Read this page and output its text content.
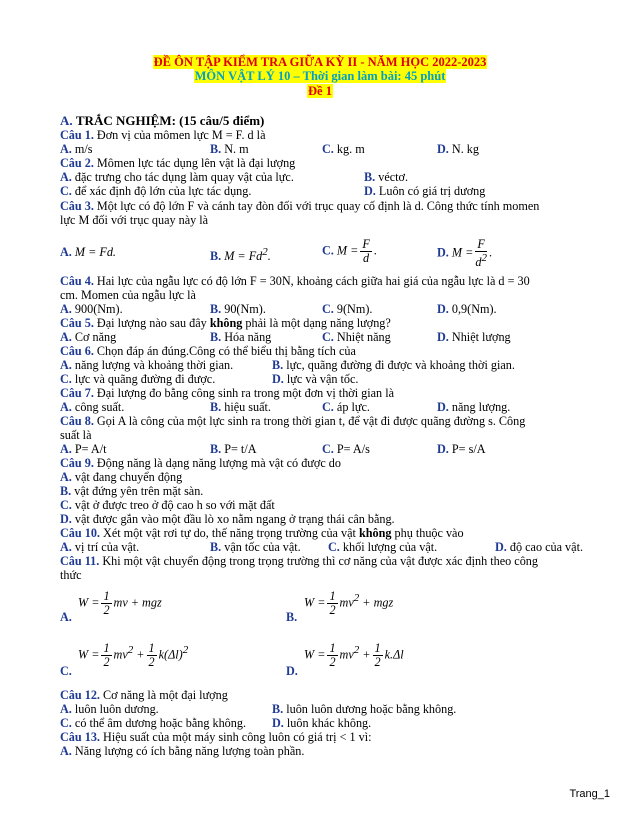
ĐỀ ÔN TẬP KIỂM TRA GIỮA KỲ II - NĂM HỌC 2022-2023
MÔN VẬT LÝ 10 – Thời gian làm bài: 45 phút
Đề 1
A. TRẮC NGHIỆM: (15 câu/5 điểm)
Câu 1. Đơn vị của mômen lực M = F. d là
A. m/s	B. N. m	C. kg. m	D. N. kg
Câu 2. Mômen lực tác dụng lên vật là đại lượng
A. đặc trưng cho tác dụng làm quay vật của lực.	B. véctơ.
C. để xác định độ lớn của lực tác dụng.	D. Luôn có giá trị dương
Câu 3. Một lực có độ lớn F và cánh tay đòn đối với trục quay cố định là d. Công thức tính momen
lực M đối với trục quay này là
A. M = Fd.	B. $M = Fd^2$.	C. $M = \frac{F}{d}$ .	D. $M = \frac{F}{d^2}$ .
Câu 4. Hai lực của ngẫu lực có độ lớn F = 30N, khoảng cách giữa hai giá của ngẫu lực là d = 30
cm. Momen của ngẫu lực là
A. 900(Nm).	B. 90(Nm).	C. 9(Nm).	D. 0,9(Nm).
Câu 5. Đại lượng nào sau đây không phải là một dạng năng lượng?
A. Cơ năng	B. Hóa năng	C. Nhiệt năng	D. Nhiệt lượng
Câu 6. Chọn đáp án đúng.Công có thể biểu thị bằng tích của
A. năng lượng và khoảng thời gian.	B. lực, quãng đường đi được và khoảng thời gian.
C. lực và quãng đường đi được.	D. lực và vận tốc.
Câu 7. Đại lượng đo bằng công sinh ra trong một đơn vị thời gian là
A. công suất.	B. hiệu suất.	C. áp lực.	D. năng lượng.
Câu 8. Gọi A là công của một lực sinh ra trong thời gian t, để vật đi được quãng đường s. Công
suất là
A. P= A/t	B. P= t/A	C. P= A/s	D. P= s/A
Câu 9. Động năng là dạng năng lượng mà vật có được do
A. vật đang chuyển động
B. vật đứng yên trên mặt sàn.
C. vật ở được treo ở độ cao h so với mặt đất
D. vật được gắn vào một đầu lò xo nằm ngang ở trạng thái cân bằng.
Câu 10. Xét một vật rơi tự do, thế năng trọng trường của vật không phụ thuộc vào
A. vị trí của vật.	B. vận tốc của vật. C. khối lượng của vật.	D. độ cao của vật.
Câu 11. Khi một vật chuyển động trong trọng trường thì cơ năng của vật được xác định theo công
thức
A.
$W = \frac{1}{2}$ mv + mgz
B.
$W = \frac{1}{2} mv^2$ + mgz
C.
$W = \frac{1}{2} mv^2 + \frac{1}{2} k(\Delta l)^2$
D.
$W = \frac{1}{2} mv^2 + \frac{1}{2} k.\Delta l$
Câu 12. Cơ năng là một đại lượng
A. luôn luôn dương.	B. luôn luôn dương hoặc bằng không.
C. có thể âm dương hoặc bằng không. D. luôn khác không.
Câu 13. Hiệu suất của một máy sinh công luôn có giá trị < 1 vì:
A. Năng lượng có ích bằng năng lượng toàn phần.
Trang_1
